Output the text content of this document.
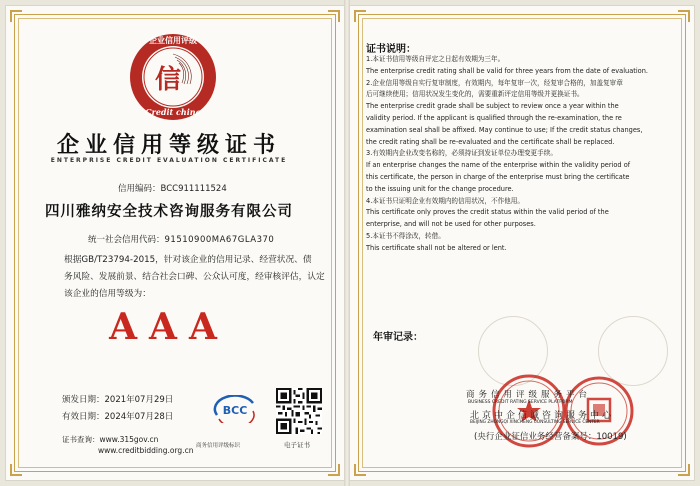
信
企业信用评级
Credit china
企业信用等级证书
ENTERPRISE CREDIT EVALUATION CERTIFICATE
信用编码：BCC911111524
四川雅纳安全技术咨询服务有限公司
统一社会信用代码：91510900MA67GLA370
根据GB/T23794-2015，针对该企业的信用记录、经营状况、债
务风险、发展前景、结合社会口碑、公众认可度，经审核评估，认定
该企业的信用等级为：
AAA
颁发日期：2021年07月29日
有效日期：2024年07月28日
证书查询：www.315gov.cn
www.creditbidding.org.cn
BCC
商务信用评级标识	电子证书
证书说明：

1.本证书信用等级自评定之日起有效期为三年。

The enterprise credit rating shall be valid for three years from the date of evaluation.

2.企业信用等级自实行复审制度，有效期内，每年复审一次，经复审合格的，加盖复审章

后可继续使用；信用状况发生变化的，需要重新评定信用等级并更换证书。

The enterprise credit grade shall be subject to review once a year within the

validity period. If the applicant is qualified through the re-examination, the re

examination seal shall be affixed. May continue to use; If the credit status changes,

the credit rating shall be re-evaluated and the certificate shall be replaced.

3.有效期内企业改变名称的，必须持证到发证单位办理变更手续。

If an enterprise changes the name of the enterprise within the validity period of

this certificate, the person in charge of the enterprise must bring the certificate

to the issuing unit for the change procedure.

4.本证书只证明企业有效期内的信用状况，不作他用。

This certificate only proves the credit status within the valid period of the

enterprise, and will not be used for other purposes.

5.本证书不得涂改，转借。

This certificate shall not be altered or lent.

年审记录：
商务信用评级服务平台
BUSINESS CREDIT RATING SERVICE PLATFORM
北京中企信诚咨询服务中心
BEIJING ZHONGQI XINCHENG CONSULTING SERVICE CENTER
(央行企业征信业务经营备案号：10019)
